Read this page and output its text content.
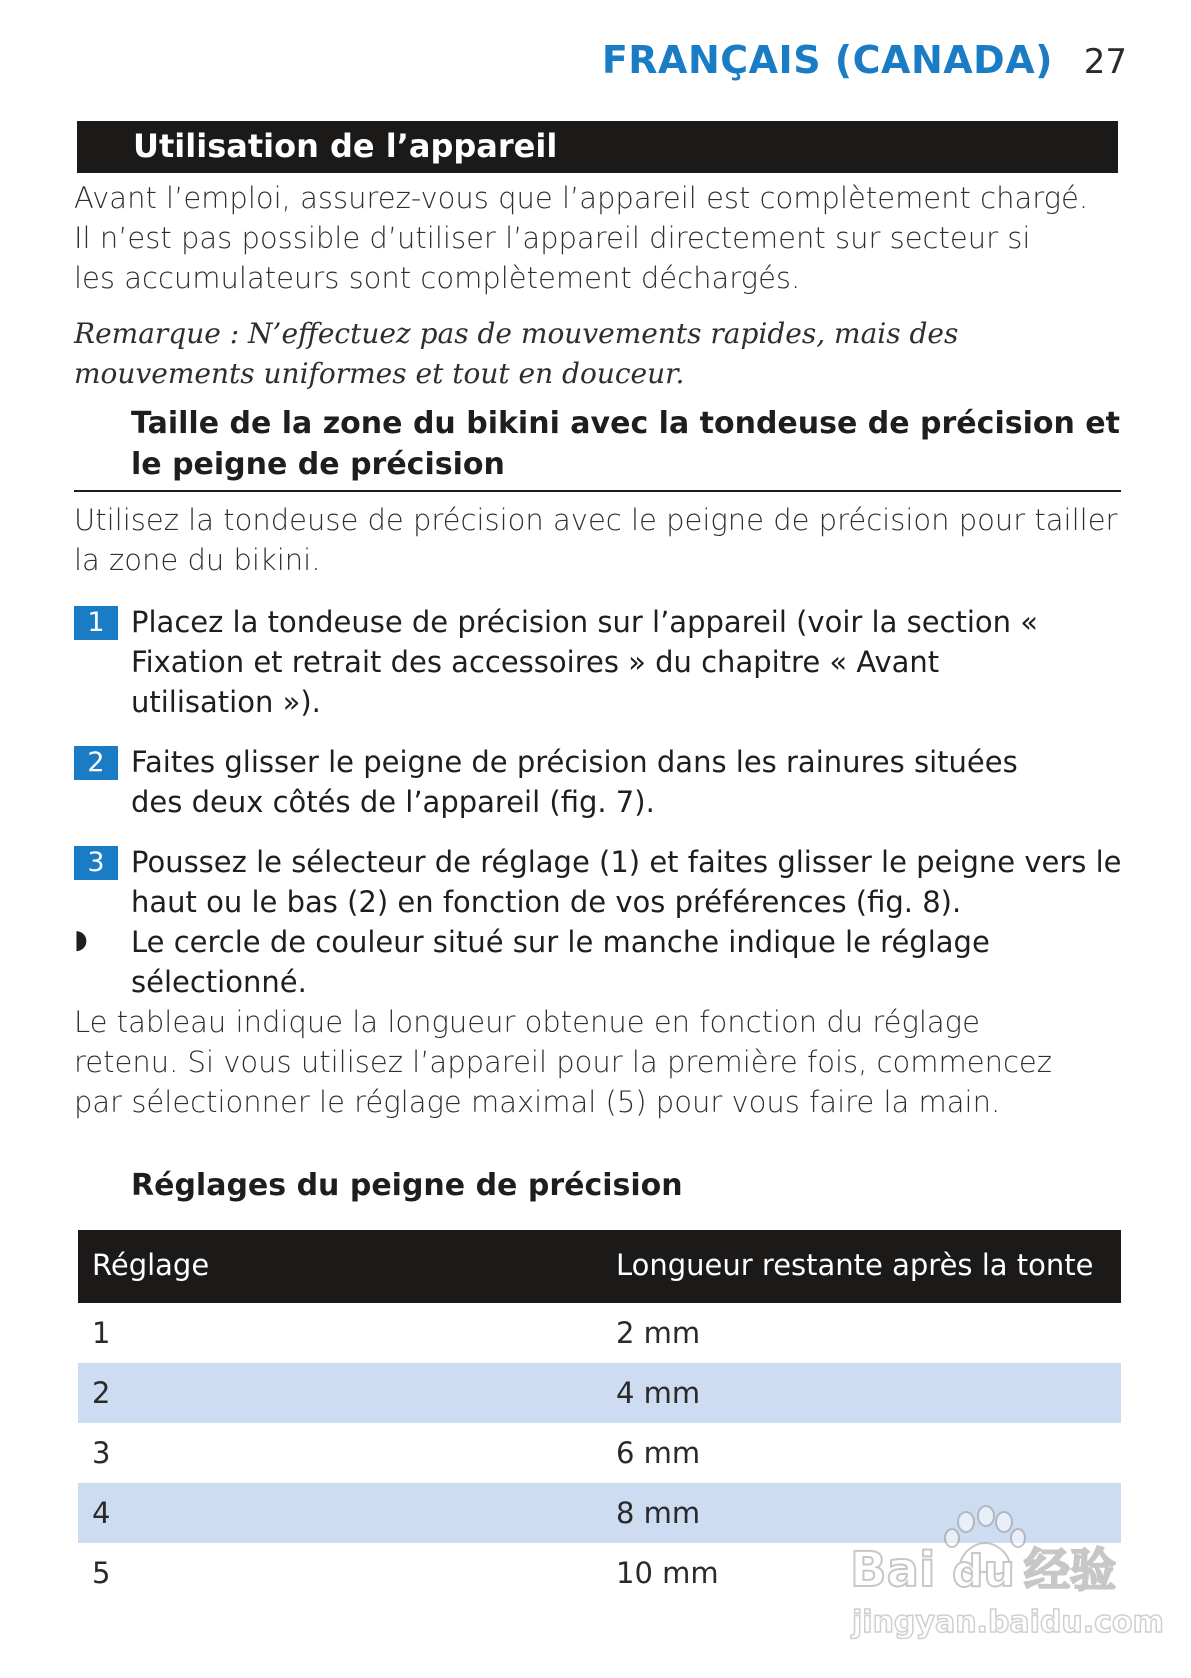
FRANÇAIS (CANADA) 27
Utilisation de l’appareil
Avant l’emploi, assurez-vous que l’appareil est complètement chargé.
Il n’est pas possible d’utiliser l’appareil directement sur secteur si les accumulateurs sont complètement déchargés.
Remarque : N’effectuez pas de mouvements rapides, mais des mouvements uniformes et tout en douceur.
Taille de la zone du bikini avec la tondeuse de précision et le peigne de précision
Utilisez la tondeuse de précision avec le peigne de précision pour tailler la zone du bikini.
1 Placez la tondeuse de précision sur l’appareil (voir la section « Fixation et retrait des accessoires » du chapitre « Avant utilisation »).
2 Faites glisser le peigne de précision dans les rainures situées des deux côtés de l’appareil (fig. 7).
3 Poussez le sélecteur de réglage (1) et faites glisser le peigne vers le haut ou le bas (2) en fonction de vos préférences (fig. 8).
◗ Le cercle de couleur situé sur le manche indique le réglage sélectionné.
Le tableau indique la longueur obtenue en fonction du réglage retenu. Si vous utilisez l’appareil pour la première fois, commencez par sélectionner le réglage maximal (5) pour vous faire la main.
Réglages du peigne de précision
Réglage	Longueur restante après la tonte
1	2 mm
2	4 mm
3	6 mm
4	8 mm
5	10 mm	Bai du 经验
jingyan.baidu.com
